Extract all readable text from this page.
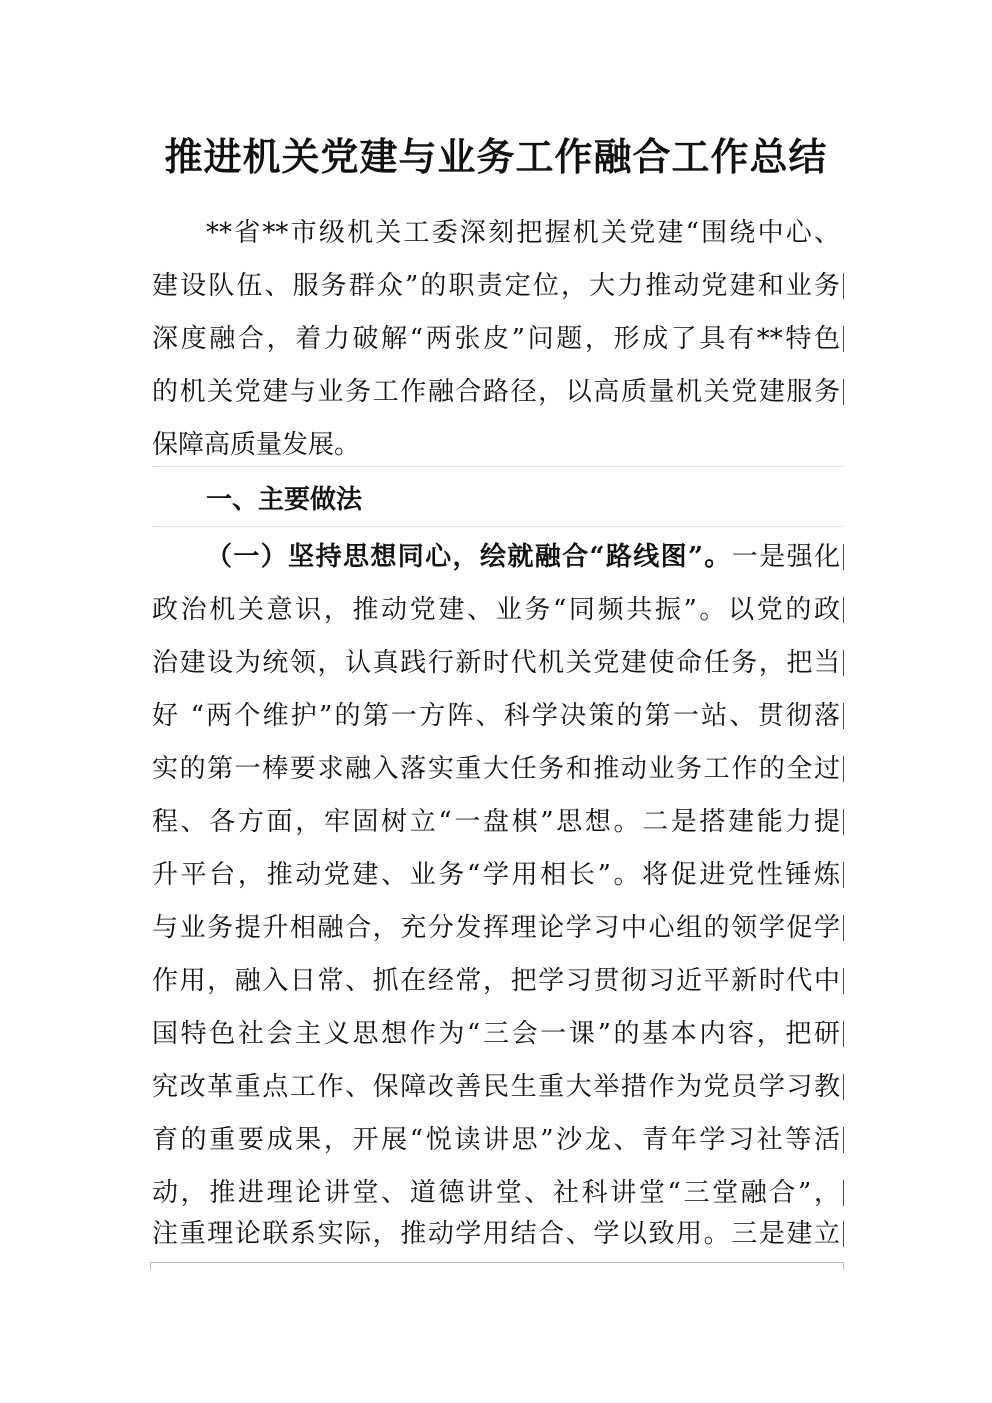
推进机关党建与业务工作融合工作总结
**省**市级机关工委深刻把握机关党建“围绕中心、
建设队伍、服务群众”的职责定位，大力推动党建和业务
深度融合，着力破解“两张皮”问题，形成了具有**特色
的机关党建与业务工作融合路径，以高质量机关党建服务
保障高质量发展。
一、主要做法
（一）坚持思想同心，绘就融合“路线图”。一是强化
政治机关意识，推动党建、业务“同频共振”。以党的政
治建设为统领，认真践行新时代机关党建使命任务，把当
好 “两个维护”的第一方阵、科学决策的第一站、贯彻落
实的第一棒要求融入落实重大任务和推动业务工作的全过
程、各方面，牢固树立“一盘棋”思想。二是搭建能力提
升平台，推动党建、业务“学用相长”。将促进党性锤炼
与业务提升相融合，充分发挥理论学习中心组的领学促学
作用，融入日常、抓在经常，把学习贯彻习近平新时代中
国特色社会主义思想作为“三会一课”的基本内容，把研
究改革重点工作、保障改善民生重大举措作为党员学习教
育的重要成果，开展“悦读讲思”沙龙、青年学习社等活
动，推进理论讲堂、道德讲堂、社科讲堂“三堂融合”，
注重理论联系实际，推动学用结合、学以致用。三是建立
